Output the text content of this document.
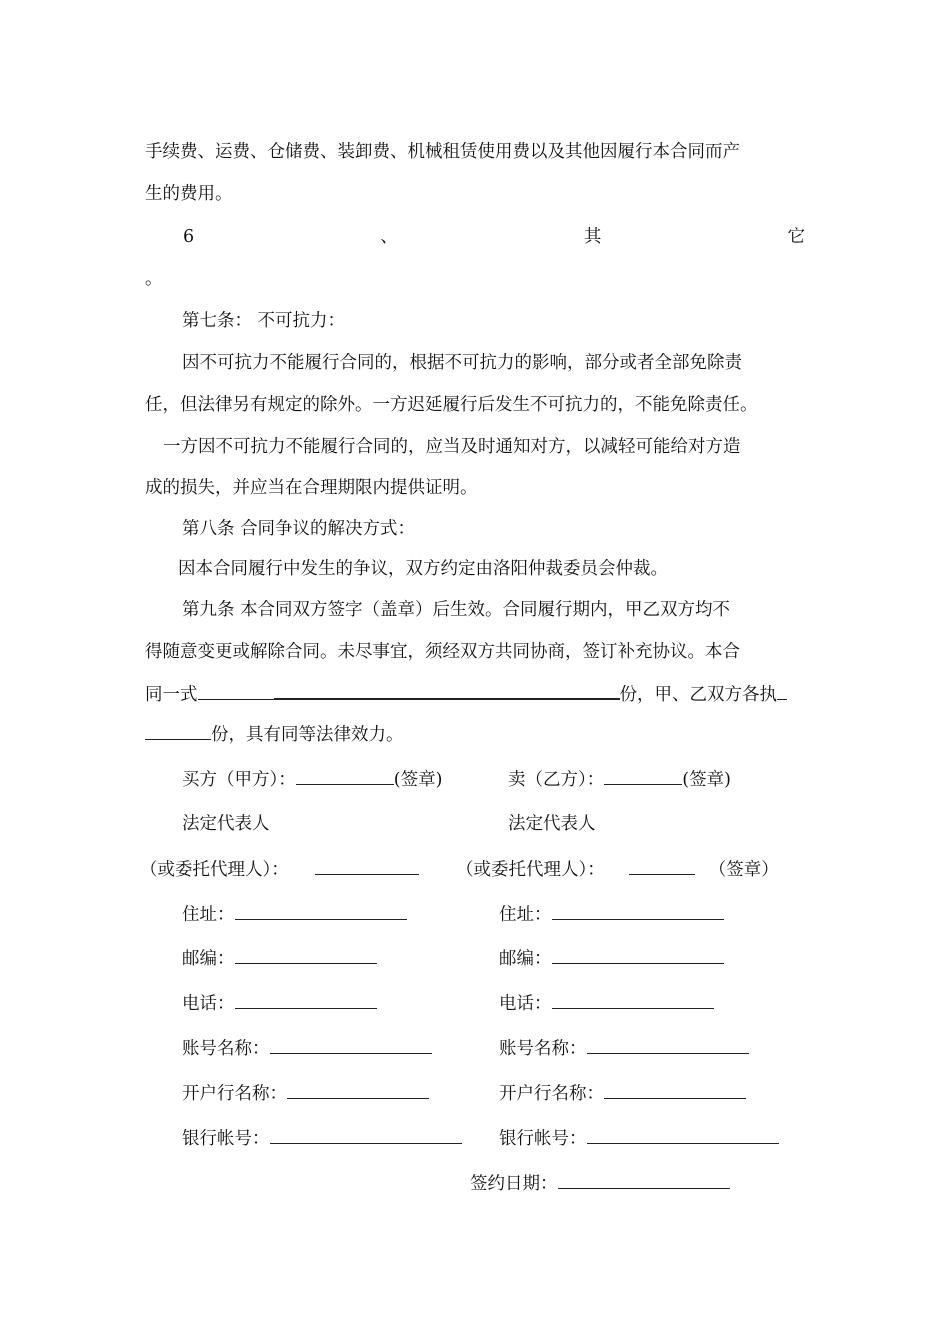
手续费、运费、仓储费、装卸费、机械租赁使用费以及其他因履行本合同而产
生的费用。
6	、	其	它
。
第七条： 不可抗力：
因不可抗力不能履行合同的，根据不可抗力的影响，部分或者全部免除责
任，但法律另有规定的除外。一方迟延履行后发生不可抗力的，不能免除责任。
一方因不可抗力不能履行合同的，应当及时通知对方，以减轻可能给对方造
成的损失，并应当在合理期限内提供证明。
第八条 合同争议的解决方式：
因本合同履行中发生的争议，双方约定由洛阳仲裁委员会仲裁。
第九条 本合同双方签字（盖章）后生效。合同履行期内，甲乙双方均不
得随意变更或解除合同。未尽事宜，须经双方共同协商，签订补充协议。本合
同一式	份，甲、乙双方各执
份，具有同等法律效力。
买方（甲方）：	(签章)	卖（乙方）：	(签章)
法定代表人	法定代表人
（或委托代理人）：	（或委托代理人）：	（签章）
住址：	住址：
邮编：	邮编：
电话：	电话：
账号名称：	账号名称：
开户行名称：	开户行名称：
银行帐号：	银行帐号：
签约日期：
